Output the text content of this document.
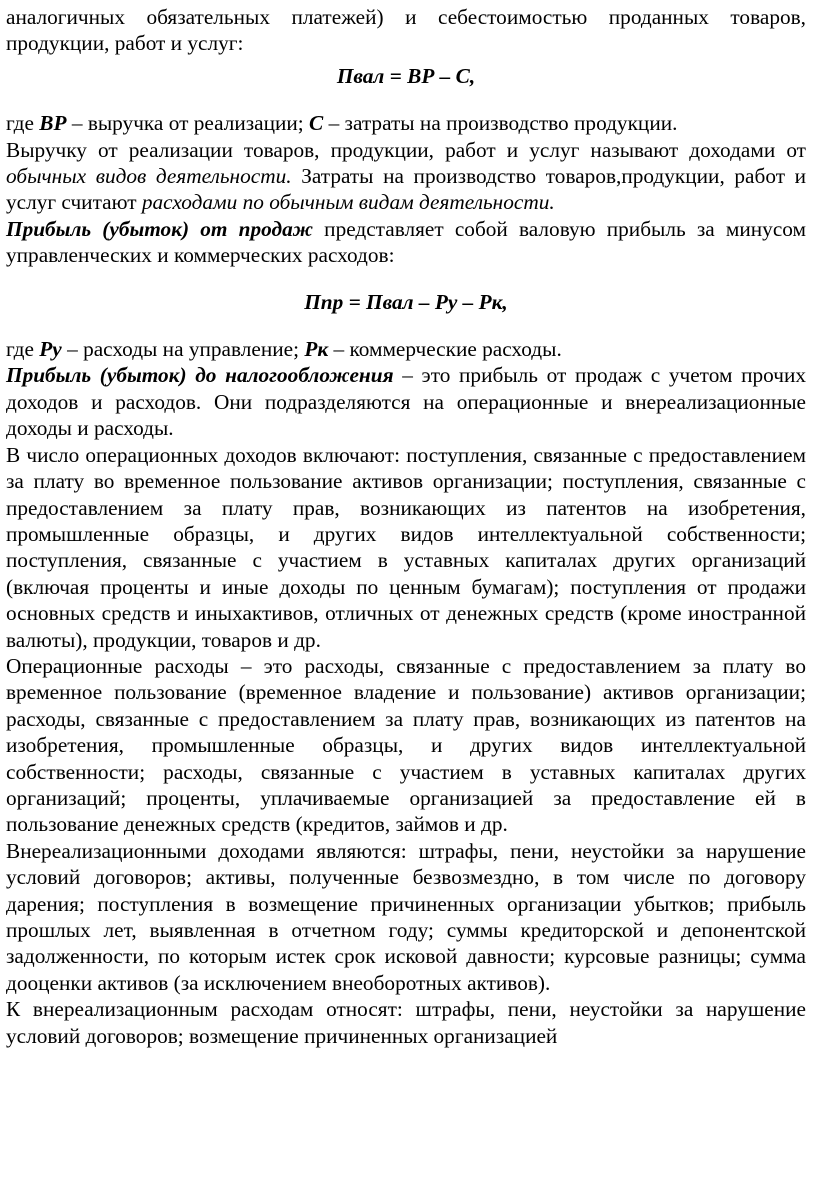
аналогичных обязательных платежей) и себестоимостью проданных товаров, продукции, работ и услуг:

Пвал = ВР – С,

где ВР – выручка от реализации; С – затраты на производство продукции.

Выручку от реализации товаров, продукции, работ и услуг называют доходами от обычных видов деятельности. Затраты на производство товаров,продукции, работ и услуг считают расходами по обычным видам деятельности.

Прибыль (убыток) от продаж представляет собой валовую прибыль за минусом управленческих и коммерческих расходов:

Ппр = Пвал – Ру – Рк,

где Ру – расходы на управление; Рк – коммерческие расходы.

Прибыль (убыток) до налогообложения – это прибыль от продаж с учетом прочих доходов и расходов. Они подразделяются на операционные и внереализационные доходы и расходы.

В число операционных доходов включают: поступления, связанные с предоставлением за плату во временное пользование активов организации; поступления, связанные с предоставлением за плату прав, возникающих из патентов на изобретения, промышленные образцы, и других видов интеллектуальной собственности; поступления, связанные с участием в уставных капиталах других организаций (включая проценты и иные доходы по ценным бумагам); поступления от продажи основных средств и иныхактивов, отличных от денежных средств (кроме иностранной валюты), продукции, товаров и др.

Операционные расходы – это расходы, связанные с предоставлением за плату во временное пользование (временное владение и пользование) активов организации; расходы, связанные с предоставлением за плату прав, возникающих из патентов на изобретения, промышленные образцы, и других видов интеллектуальной собственности; расходы, связанные с участием в уставных капиталах других организаций; проценты, уплачиваемые организацией за предоставление ей в пользование денежных средств (кредитов, займов и др.

Внереализационными доходами являются: штрафы, пени, неустойки за нарушение условий договоров; активы, полученные безвозмездно, в том числе по договору дарения; поступления в возмещение причиненных организации убытков; прибыль прошлых лет, выявленная в отчетном году; суммы кредиторской и депонентской задолженности, по которым истек срок исковой давности; курсовые разницы; сумма дооценки активов (за исключением внеоборотных активов).

К внереализационным расходам относят: штрафы, пени, неустойки за нарушение условий договоров; возмещение причиненных организацией
